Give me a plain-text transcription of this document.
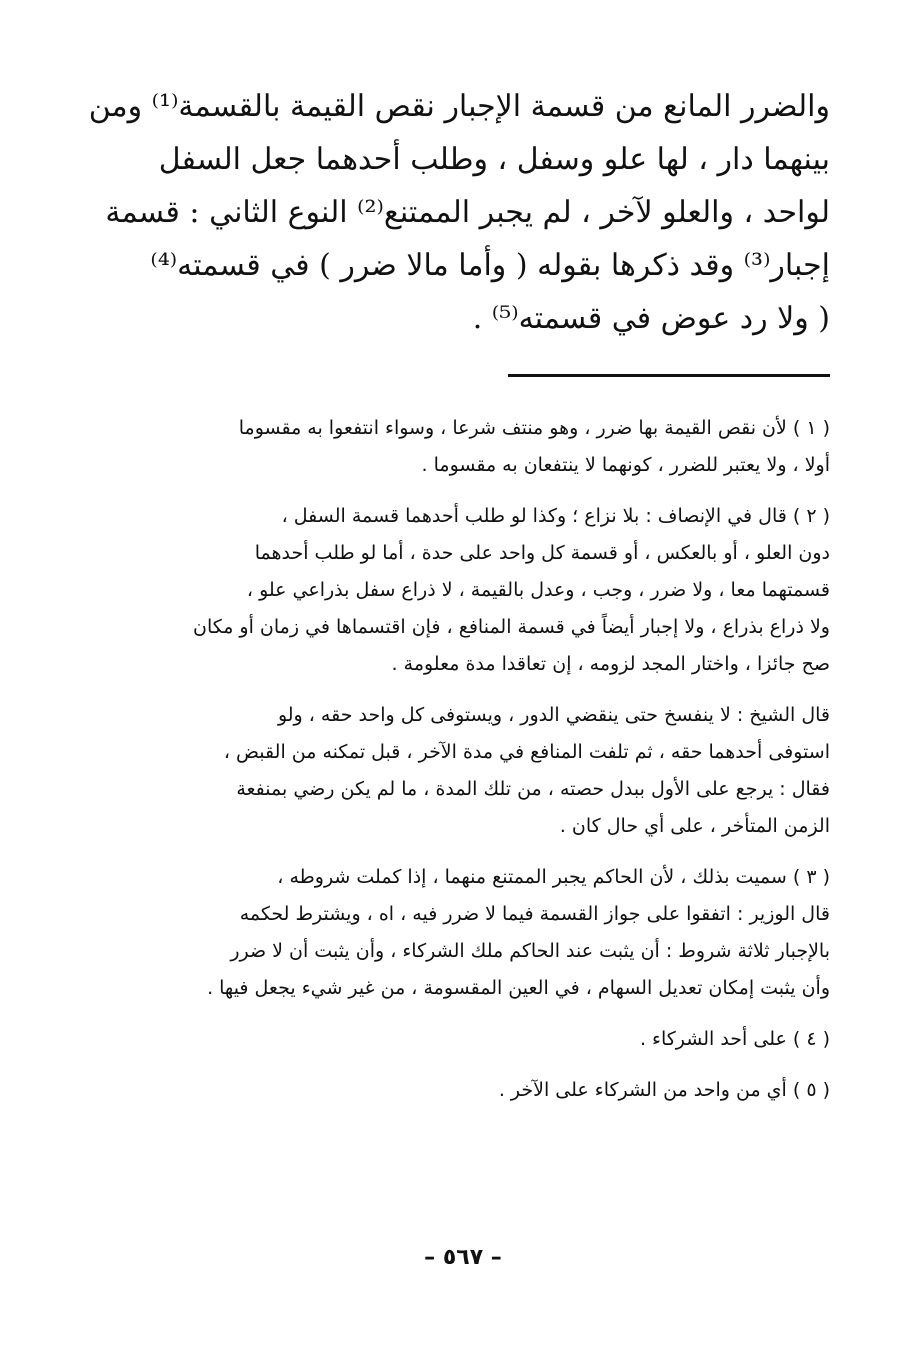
والضرر المانع من قسمة الإجبار نقص القيمة بالقسمة⁽¹⁾ ومن
بينهما دار ، لها علو وسفل ، وطلب أحدهما جعل السفل
لواحد ، والعلو لآخر ، لم يجبر الممتنع⁽²⁾ النوع الثاني : قسمة
إجبار⁽³⁾ وقد ذكرها بقوله ( وأما مالا ضرر ) في قسمته⁽⁴⁾
( ولا رد عوض في قسمته⁽⁵⁾ .
( ١ ) لأن نقص القيمة بها ضرر ، وهو منتف شرعا ، وسواء انتفعوا به مقسوما
أولا ، ولا يعتبر للضرر ، كونهما لا ينتفعان به مقسوما .
( ٢ ) قال في الإنصاف : بلا نزاع ؛ وكذا لو طلب أحدهما قسمة السفل ،
دون العلو ، أو بالعكس ، أو قسمة كل واحد على حدة ، أما لو طلب أحدهما
قسمتهما معا ، ولا ضرر ، وجب ، وعدل بالقيمة ، لا ذراع سفل بذراعي علو ،
ولا ذراع بذراع ، ولا إجبار أيضاً في قسمة المنافع ، فإن اقتسماها في زمان أو مكان
صح جائزا ، واختار المجد لزومه ، إن تعاقدا مدة معلومة .
قال الشيخ : لا ينفسخ حتى ينقضي الدور ، ويستوفى كل واحد حقه ، ولو
استوفى أحدهما حقه ، ثم تلفت المنافع في مدة الآخر ، قبل تمكنه من القبض ،
فقال : يرجع على الأول ببدل حصته ، من تلك المدة ، ما لم يكن رضي بمنفعة
الزمن المتأخر ، على أي حال كان .
( ٣ ) سميت بذلك ، لأن الحاكم يجبر الممتنع منهما ، إذا كملت شروطه ،
قال الوزير : اتفقوا على جواز القسمة فيما لا ضرر فيه ، اه ، ويشترط لحكمه
بالإجبار ثلاثة شروط : أن يثبت عند الحاكم ملك الشركاء ، وأن يثبت أن لا ضرر
وأن يثبت إمكان تعديل السهام ، في العين المقسومة ، من غير شيء يجعل فيها .
( ٤ ) على أحد الشركاء .
( ٥ ) أي من واحد من الشركاء على الآخر .
– ٥٦٧ –
